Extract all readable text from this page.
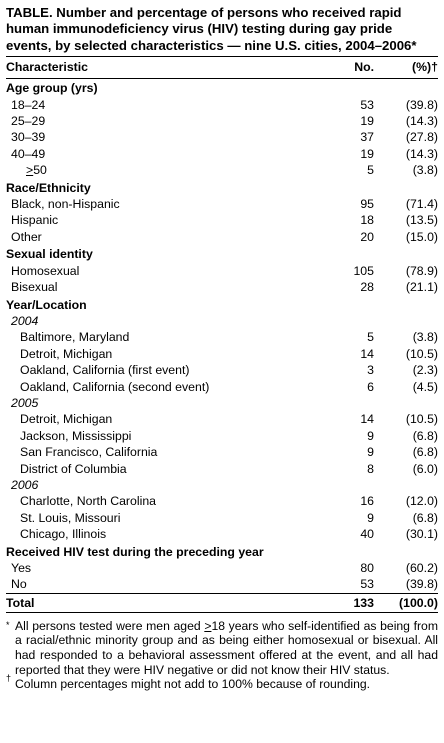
TABLE. Number and percentage of persons who received rapid human immunodeficiency virus (HIV) testing during gay pride events, by selected characteristics — nine U.S. cities, 2004–2006*
Characteristic	No.	(%)†

Age group (yrs)		
18–24	53	(39.8)
25–29	19	(14.3)
30–39	37	(27.8)
40–49	19	(14.3)
≥50	5	(3.8)
Race/Ethnicity		
Black, non-Hispanic	95	(71.4)
Hispanic	18	(13.5)
Other	20	(15.0)
Sexual identity		
Homosexual	105	(78.9)
Bisexual	28	(21.1)
Year/Location		
2004		
Baltimore, Maryland	5	(3.8)
Detroit, Michigan	14	(10.5)
Oakland, California (first event)	3	(2.3)
Oakland, California (second event)	6	(4.5)
2005		
Detroit, Michigan	14	(10.5)
Jackson, Mississippi	9	(6.8)
San Francisco, California	9	(6.8)
District of Columbia	8	(6.0)
2006		
Charlotte, North Carolina	16	(12.0)
St. Louis, Missouri	9	(6.8)
Chicago, Illinois	40	(30.1)
Received HIV test during the preceding year		
Yes	80	(60.2)
No	53	(39.8)

Total	133	(100.0)

* All persons tested were men aged ≥18 years who self-identified as being from a racial/ethnic minority group and as being either homosexual or bisexual. All had responded to a behavioral assessment offered at the event, and all had reported that they were HIV negative or did not know their HIV status.
† Column percentages might not add to 100% because of rounding.
